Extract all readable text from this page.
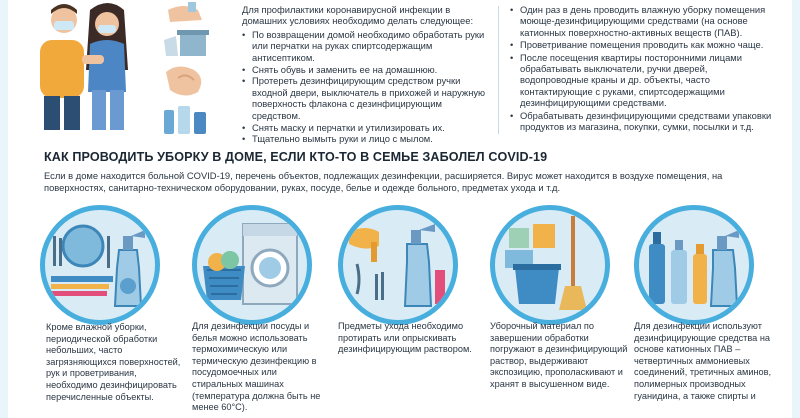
Для профилактики коронавирусной инфекции в домашних условиях необходимо делать следующее:

• По возвращении домой необходимо обработать руки или перчатки на руках спиртсодержащим антисептиком.
• Снять обувь и заменить ее на домашнюю.
• Протереть дезинфицирующим средством ручки входной двери, выключатель в прихожей и наружную поверхность флакона с дезинфицирующим средством.
• Снять маску и перчатки и утилизировать их.
• Тщательно вымыть руки и лицо с мылом.
• Один раз в день проводить влажную уборку помещения моюще-дезинфицирующими средствами (на основе катионных поверхностно-активных веществ (ПАВ).
• Проветривание помещения проводить как можно чаще.
• После посещения квартиры посторонними лицами обрабатывать выключатели, ручки дверей, водопроводные краны и др. объекты, часто контактирующие с руками, спиртсодержащими дезинфицирующими средствами.
• Обрабатывать дезинфицирующими средствами упаковки продуктов из магазина, покупки, сумки, посылки и т.д.
КАК ПРОВОДИТЬ УБОРКУ В ДОМЕ, ЕСЛИ КТО-ТО В СЕМЬЕ ЗАБОЛЕЛ COVID-19

Если в доме находится больной COVID-19, перечень объектов, подлежащих дезинфекции, расширяется. Вирус может находится в воздухе помещения, на поверхностях, санитарно-техническом оборудовании, руках, посуде, белье и одежде больного, предметах ухода и т.д.

Кроме влажной уборки, периодической обработки небольших, часто загрязняющихся поверхностей, рук и проветривания, необходимо дезинфицировать перечисленные объекты.

Для дезинфекции посуды и белья можно использовать термохимическую или термическую дезинфекцию в посудомоечных или стиральных машинах (температура должна быть не менее 60°C).

Предметы ухода необходимо протирать или опрыскивать дезинфицирующим раствором.

Уборочный материал по завершении обработки погружают в дезинфицирующий раствор, выдерживают экспозицию, прополаскивают и хранят в высушенном виде.

Для дезинфекции используют дезинфицирующие средства на основе катионных ПАВ – четвертичных аммониевых соединений, третичных аминов, полимерных производных гуанидина, а также спирты и
